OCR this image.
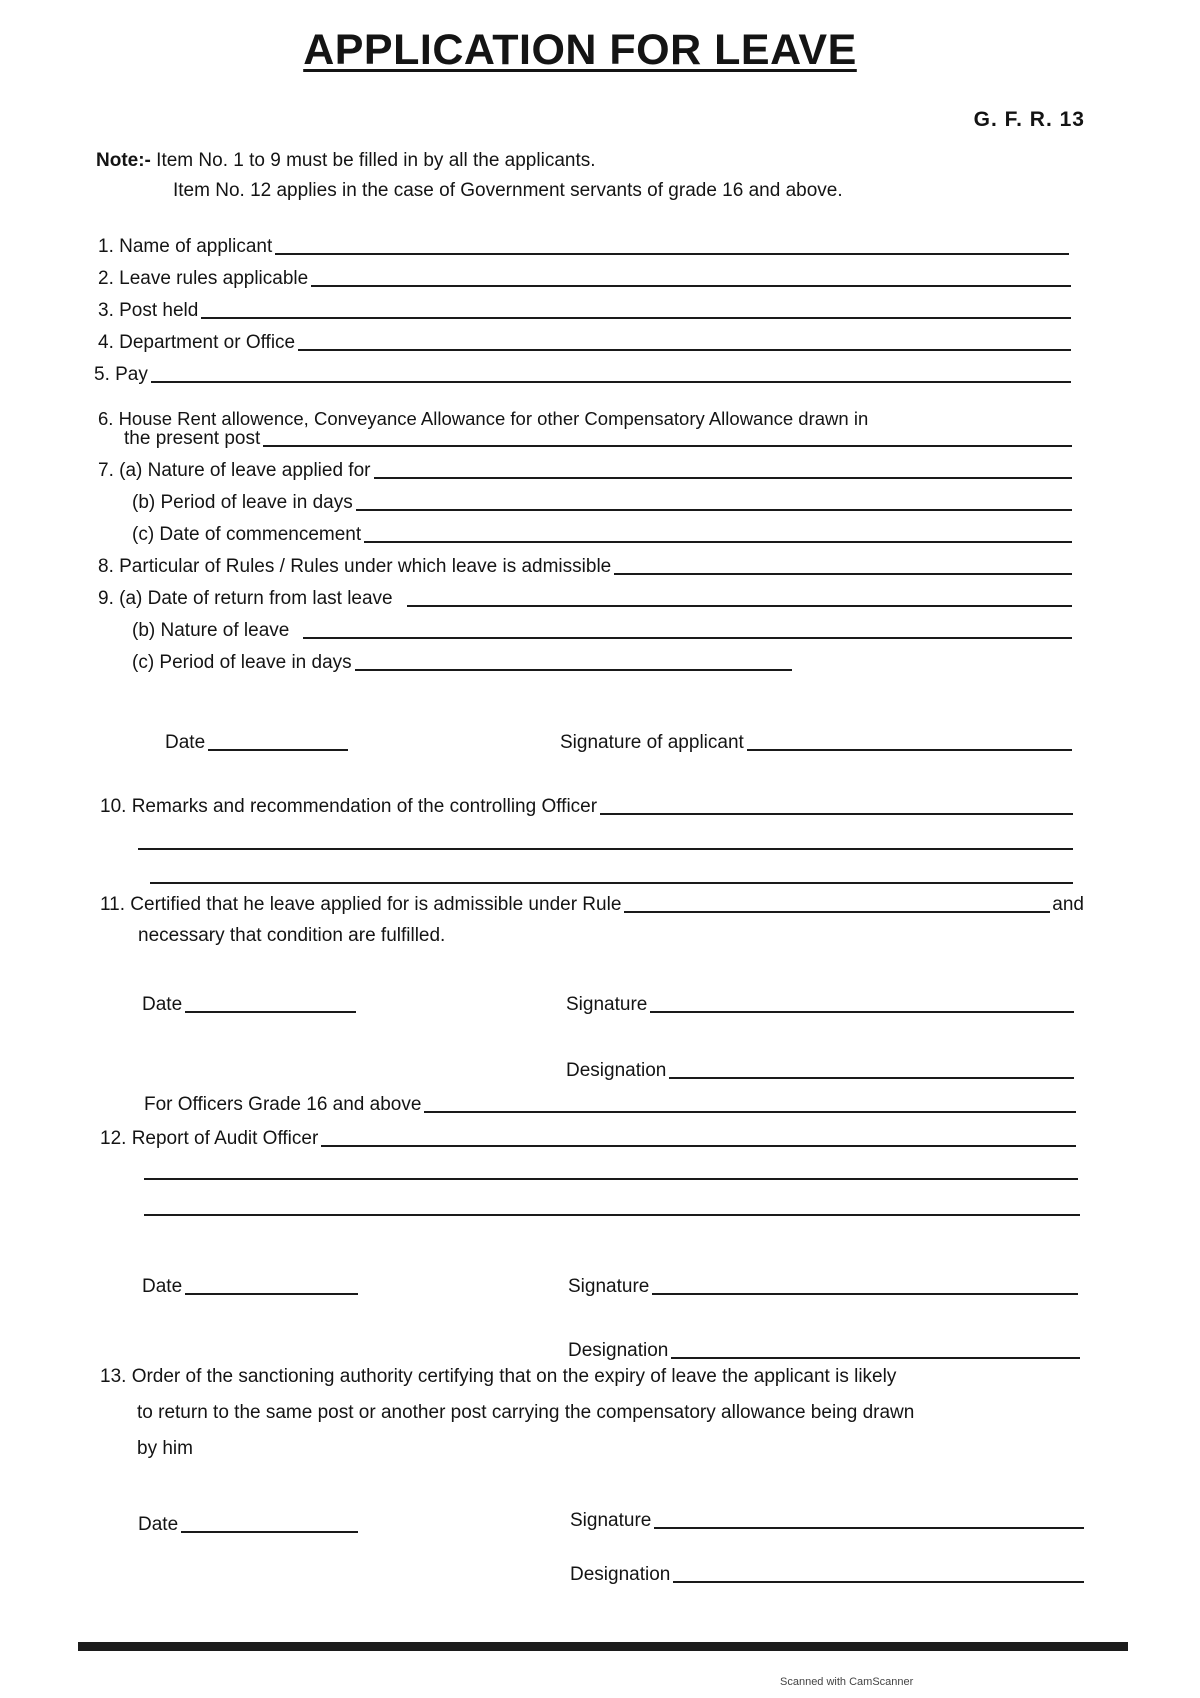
APPLICATION FOR LEAVE
G. F. R. 13
Note:- Item No. 1 to 9 must be filled in by all the applicants.
Item No. 12 applies in the case of Government servants of grade 16 and above.
1. Name of applicant
2. Leave rules applicable
3. Post held
4. Department or Office
5. Pay
6. House Rent allowence, Conveyance Allowance for other Compensatory Allowance drawn in
the present post
7. (a) Nature of leave applied for
(b) Period of leave in days
(c) Date of commencement
8. Particular of Rules / Rules under which leave is admissible
9. (a) Date of return from last leave
(b) Nature of leave
(c) Period of leave in days
Date	Signature of applicant
10. Remarks and recommendation of the controlling Officer
11. Certified that he leave applied for is admissible under Rule	and
necessary that condition are fulfilled.
Date	Signature
Designation
For Officers Grade 16 and above
12. Report of Audit Officer
Date	Signature
Designation
13. Order of the sanctioning authority certifying that on the expiry of leave the applicant is likely
to return to the same post or another post carrying the compensatory allowance being drawn
by him
Date	Signature
Designation
Scanned with CamScanner
